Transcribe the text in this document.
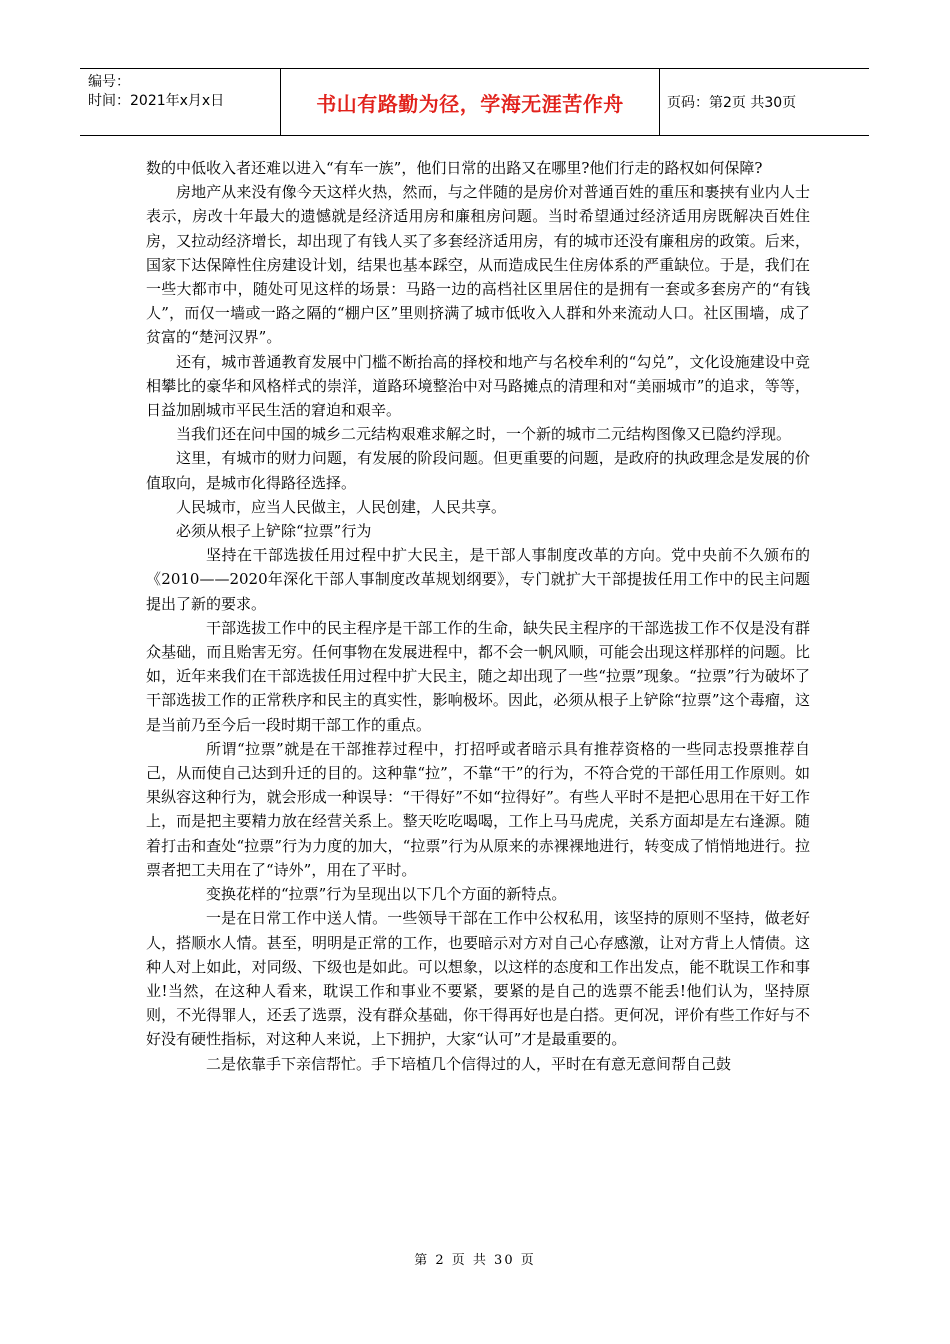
编号：
时间：2021年x月x日	书山有路勤为径，学海无涯苦作舟	页码：第2页 共30页

数的中低收入者还难以进入“有车一族”，他们日常的出路又在哪里?他们行走的路权如何保障?

房地产从来没有像今天这样火热，然而，与之伴随的是房价对普通百姓的重压和裹挟有业内人士表示，房改十年最大的遗憾就是经济适用房和廉租房问题。当时希望通过经济适用房既解决百姓住房，又拉动经济增长，却出现了有钱人买了多套经济适用房，有的城市还没有廉租房的政策。后来，国家下达保障性住房建设计划，结果也基本踩空，从而造成民生住房体系的严重缺位。于是，我们在一些大都市中，随处可见这样的场景：马路一边的高档社区里居住的是拥有一套或多套房产的“有钱人”，而仅一墙或一路之隔的“棚户区”里则挤满了城市低收入人群和外来流动人口。社区围墙，成了贫富的“楚河汉界”。

还有，城市普通教育发展中门槛不断抬高的择校和地产与名校牟利的“勾兑”，文化设施建设中竞相攀比的豪华和风格样式的崇洋，道路环境整治中对马路摊点的清理和对“美丽城市”的追求，等等，日益加剧城市平民生活的窘迫和艰辛。

当我们还在问中国的城乡二元结构艰难求解之时，一个新的城市二元结构图像又已隐约浮现。

这里，有城市的财力问题，有发展的阶段问题。但更重要的问题，是政府的执政理念是发展的价值取向，是城市化得路径选择。

人民城市，应当人民做主，人民创建，人民共享。

必须从根子上铲除“拉票”行为

坚持在干部选拔任用过程中扩大民主，是干部人事制度改革的方向。党中央前不久颁布的《2010——2020年深化干部人事制度改革规划纲要》，专门就扩大干部提拔任用工作中的民主问题提出了新的要求。

干部选拔工作中的民主程序是干部工作的生命，缺失民主程序的干部选拔工作不仅是没有群众基础，而且贻害无穷。任何事物在发展进程中，都不会一帆风顺，可能会出现这样那样的问题。比如，近年来我们在干部选拔任用过程中扩大民主，随之却出现了一些“拉票”现象。“拉票”行为破坏了干部选拔工作的正常秩序和民主的真实性，影响极坏。因此，必须从根子上铲除“拉票”这个毒瘤，这是当前乃至今后一段时期干部工作的重点。

所谓“拉票”就是在干部推荐过程中，打招呼或者暗示具有推荐资格的一些同志投票推荐自己，从而使自己达到升迁的目的。这种靠“拉”，不靠“干”的行为，不符合党的干部任用工作原则。如果纵容这种行为，就会形成一种误导：“干得好”不如“拉得好”。有些人平时不是把心思用在干好工作上，而是把主要精力放在经营关系上。整天吃吃喝喝，工作上马马虎虎，关系方面却是左右逢源。随着打击和查处“拉票”行为力度的加大，“拉票”行为从原来的赤裸裸地进行，转变成了悄悄地进行。拉票者把工夫用在了“诗外”，用在了平时。

变换花样的“拉票”行为呈现出以下几个方面的新特点。

一是在日常工作中送人情。一些领导干部在工作中公权私用，该坚持的原则不坚持，做老好人，搭顺水人情。甚至，明明是正常的工作，也要暗示对方对自己心存感激，让对方背上人情债。这种人对上如此，对同级、下级也是如此。可以想象，以这样的态度和工作出发点，能不耽误工作和事业!当然，在这种人看来，耽误工作和事业不要紧，要紧的是自己的选票不能丢!他们认为，坚持原则，不光得罪人，还丢了选票，没有群众基础，你干得再好也是白搭。更何况，评价有些工作好与不好没有硬性指标，对这种人来说，上下拥护，大家“认可”才是最重要的。

二是依靠手下亲信帮忙。手下培植几个信得过的人，平时在有意无意间帮自己鼓

第 2 页 共 30 页
